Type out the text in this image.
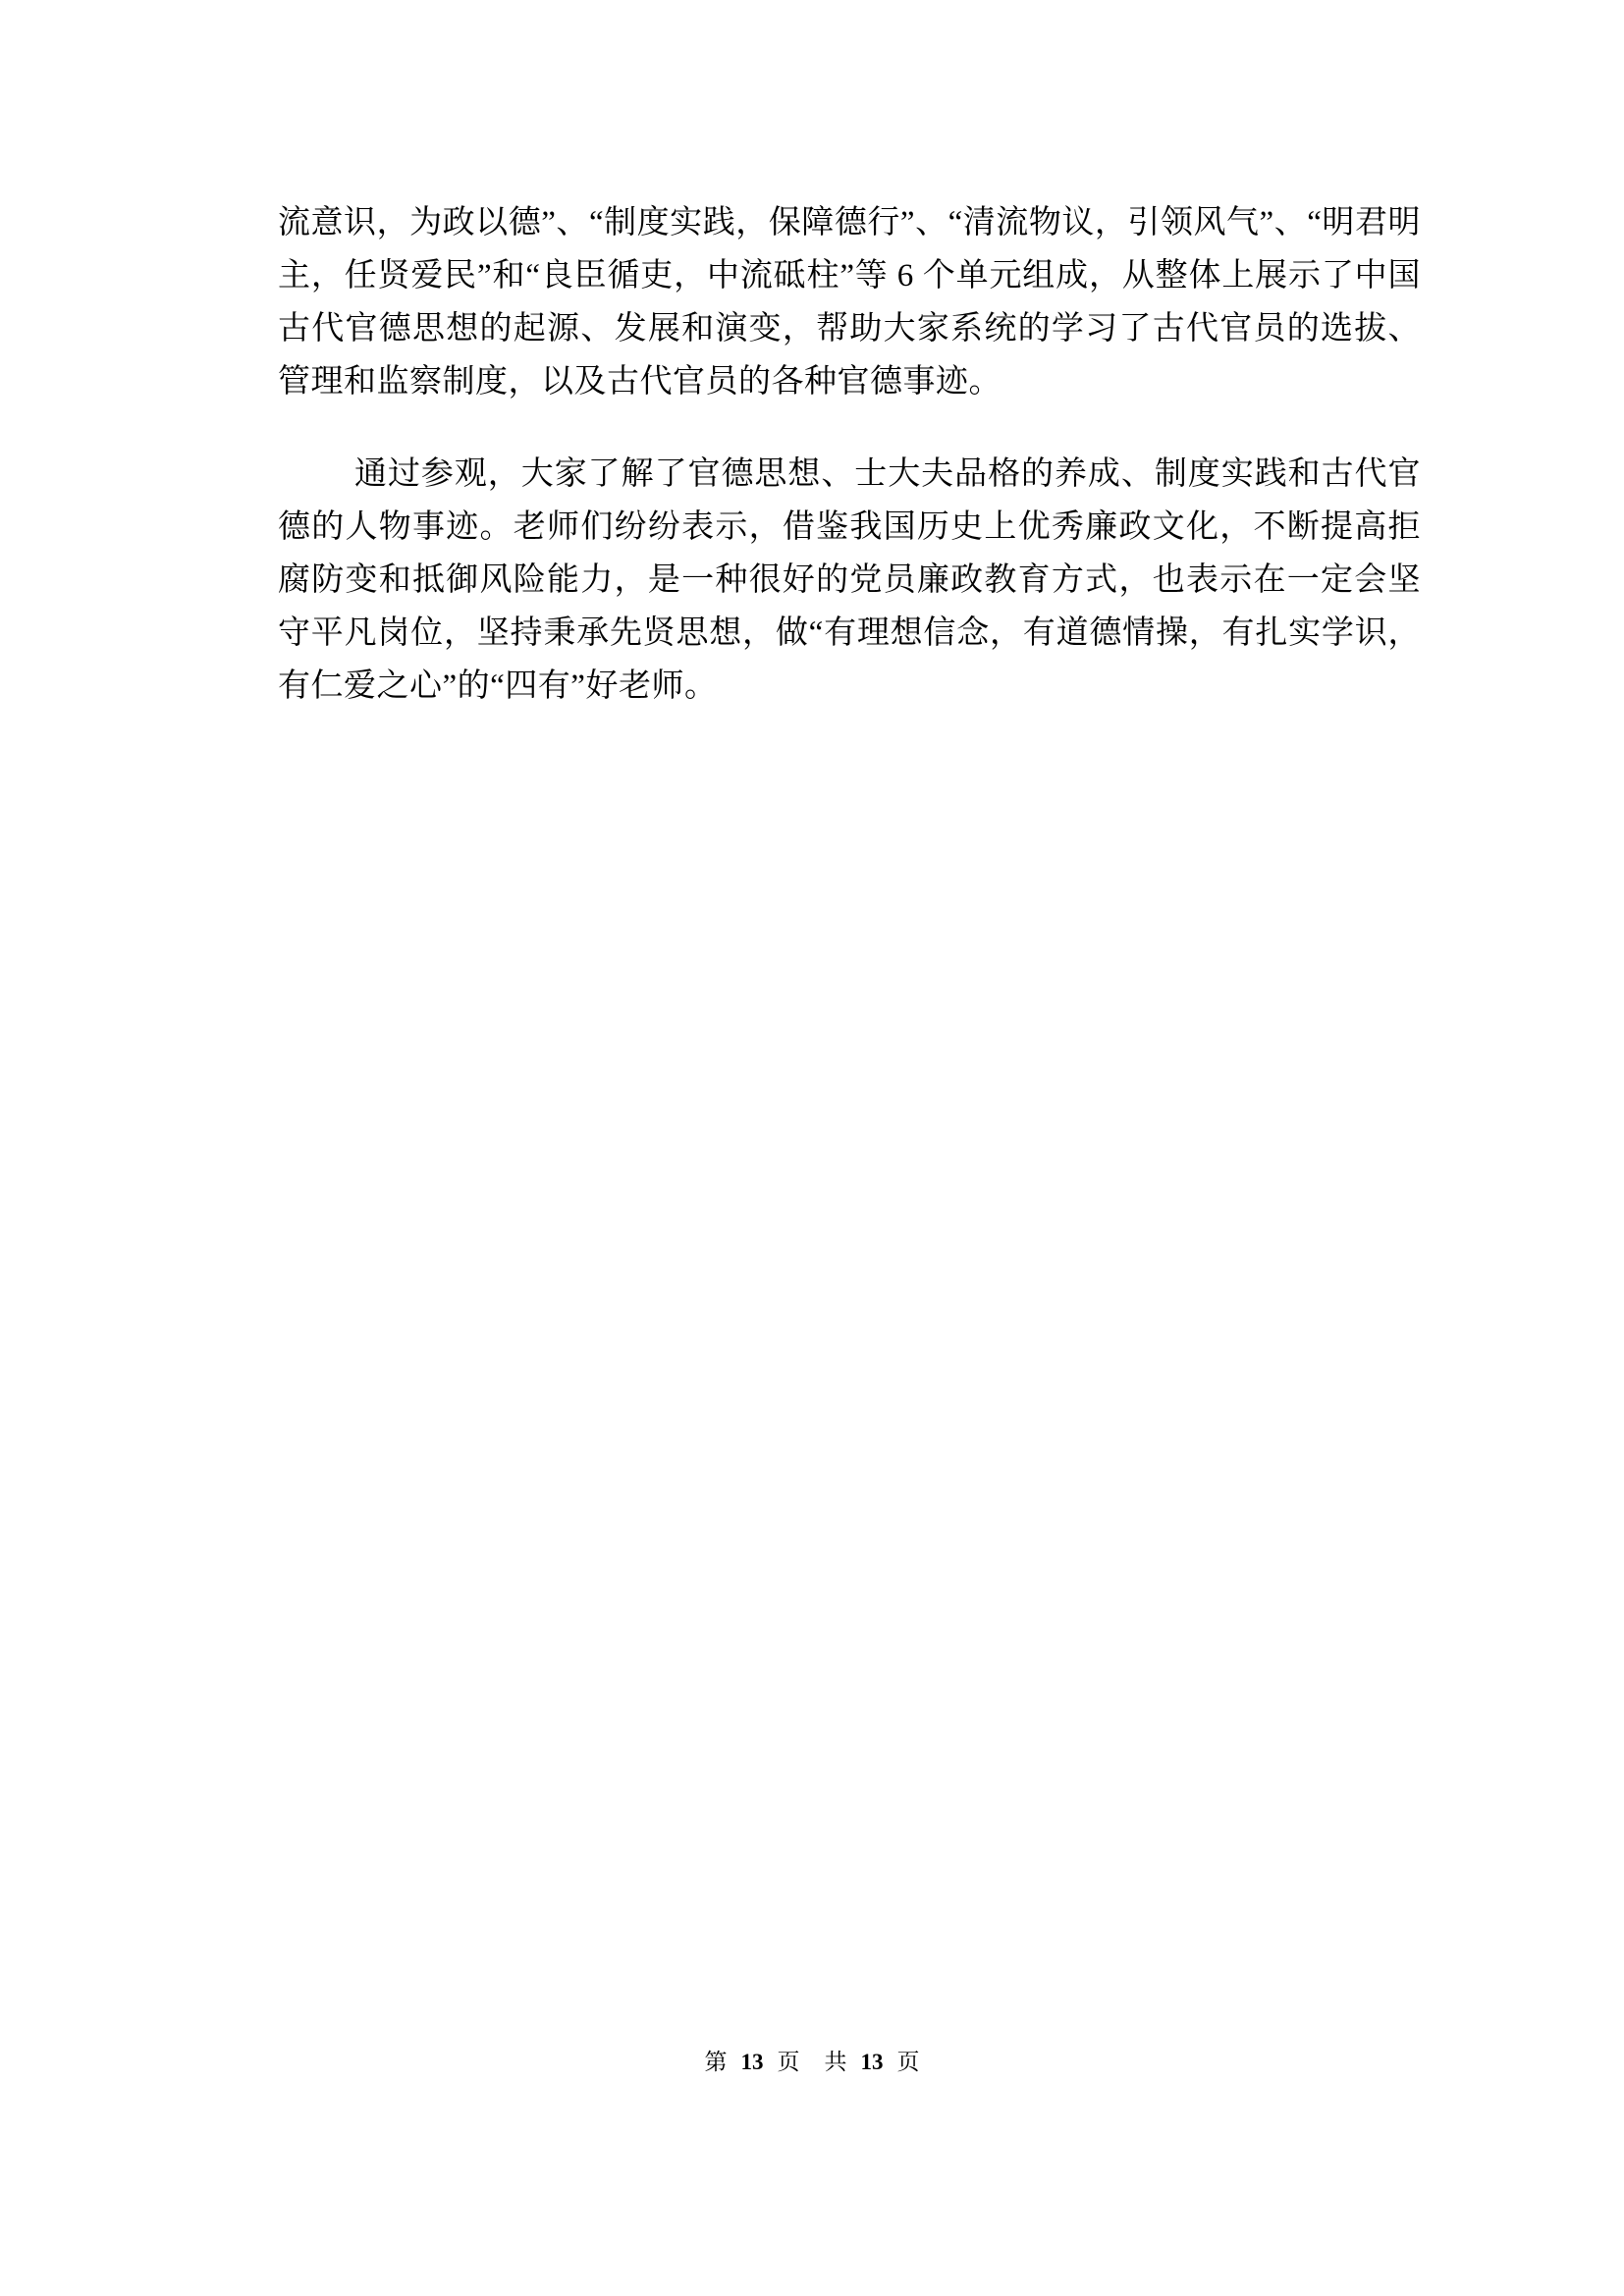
流意识，为政以德”、“制度实践，保障德行”、“清流物议，引领风气”、“明君明主，任贤爱民”和“良臣循吏，中流砥柱”等 6 个单元组成，从整体上展示了中国古代官德思想的起源、发展和演变，帮助大家系统的学习了古代官员的选拔、管理和监察制度，以及古代官员的各种官德事迹。

通过参观，大家了解了官德思想、士大夫品格的养成、制度实践和古代官德的人物事迹。老师们纷纷表示，借鉴我国历史上优秀廉政文化，不断提高拒腐防变和抵御风险能力，是一种很好的党员廉政教育方式，也表示在一定会坚守平凡岗位，坚持秉承先贤思想，做“有理想信念，有道德情操，有扎实学识，有仁爱之心”的“四有”好老师。

第 13 页 共 13 页
